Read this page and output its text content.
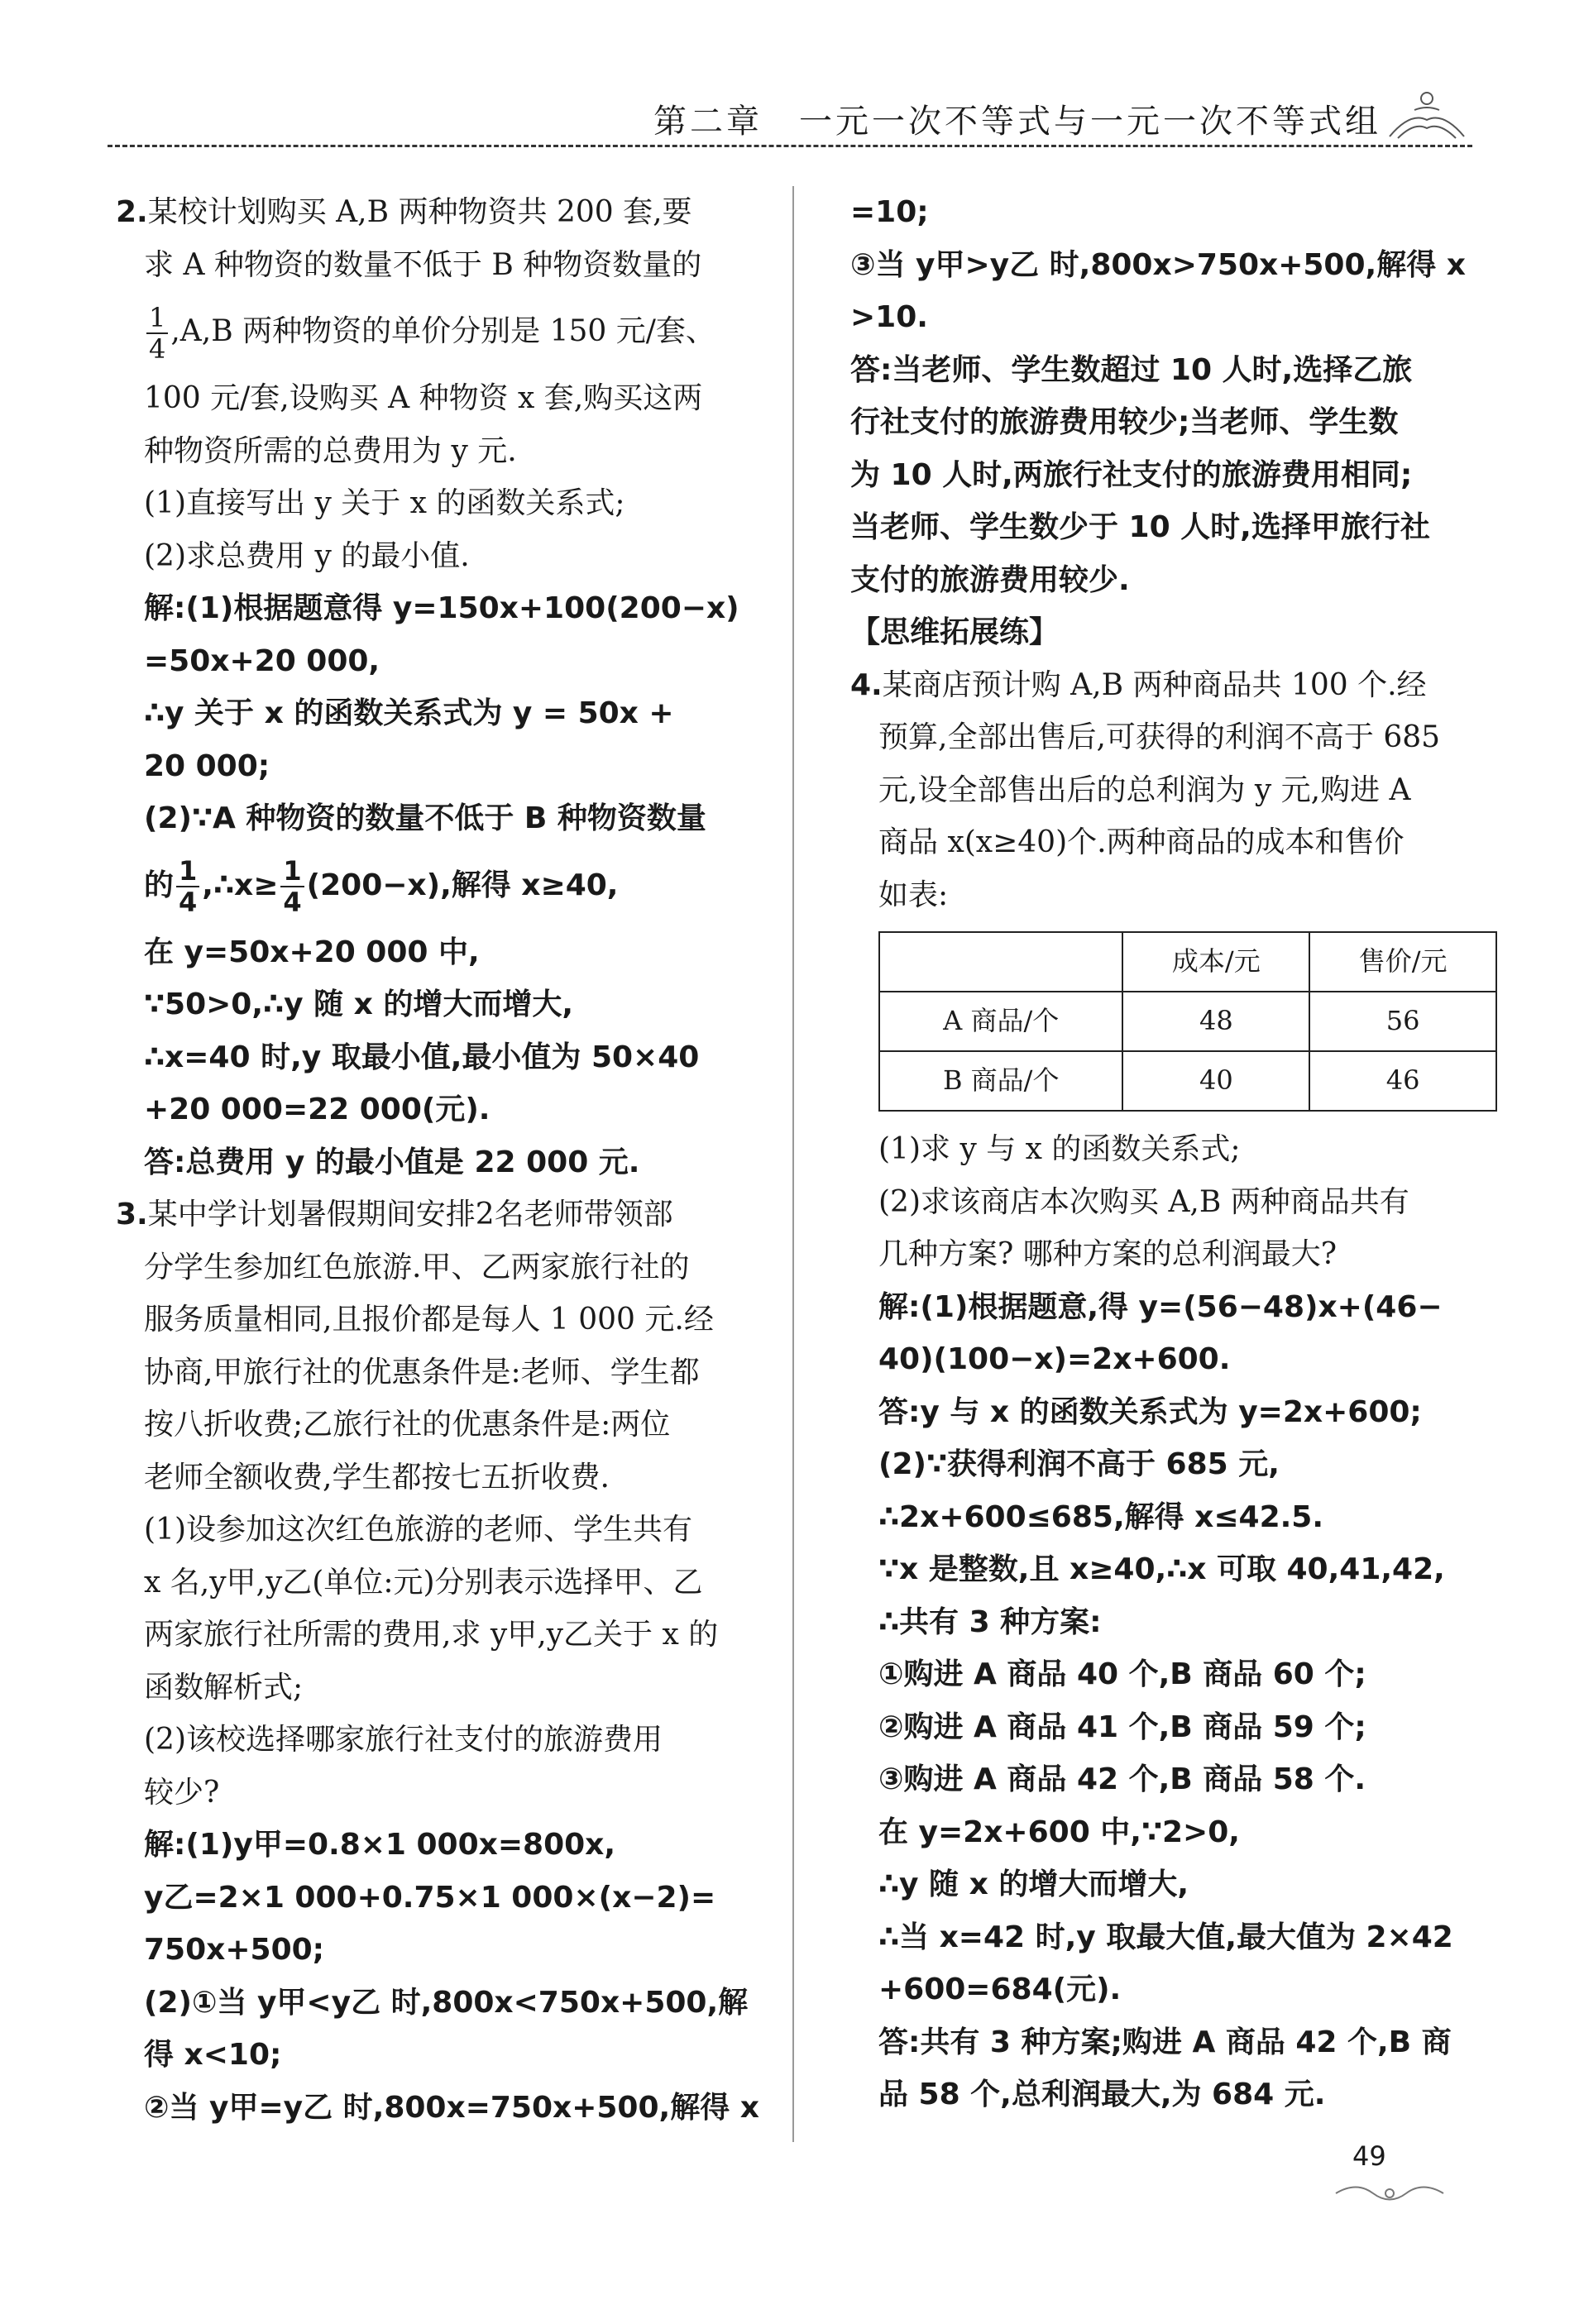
第二章　一元一次不等式与一元一次不等式组
2.某校计划购买 A,B 两种物资共 200 套,要
求 A 种物资的数量不低于 B 种物资数量的
$\frac{1}{4} ,A,B$ 两种物资的单价分别是 150 元/套、
100 元/套,设购买 A 种物资 x 套,购买这两
种物资所需的总费用为 y 元.
(1)直接写出 y 关于 x 的函数关系式;
(2)求总费用 y 的最小值.
解:(1)根据题意得 y=150x+100(200−x)
=50x+20 000,
∴y 关于 x 的函数关系式为 y = 50x +
20 000;
(2)∵A 种物资的数量不低于 B 种物资数量
的 $\frac{1}{4}$ ,∴x≥ $\frac{1}{4} (200-x)$,解得 x≥40,
在 y=50x+20 000 中,
∵50>0,∴y 随 x 的增大而增大,
∴x=40 时,y 取最小值,最小值为 50×40
+20 000=22 000(元).
答:总费用 y 的最小值是 22 000 元.
3.某中学计划暑假期间安排2名老师带领部
分学生参加红色旅游.甲、乙两家旅行社的
服务质量相同,且报价都是每人 1 000 元.经
协商,甲旅行社的优惠条件是:老师、学生都
按八折收费;乙旅行社的优惠条件是:两位
老师全额收费,学生都按七五折收费.
(1)设参加这次红色旅游的老师、学生共有
x 名,y甲,y乙(单位:元)分别表示选择甲、乙
两家旅行社所需的费用,求 y甲,y乙关于 x 的
函数解析式;
(2)该校选择哪家旅行社支付的旅游费用
较少?
解:(1)y甲=0.8×1 000x=800x,
y乙=2×1 000+0.75×1 000×(x−2)=
750x+500;
(2)①当 y甲<y乙 时,800x<750x+500,解
得 x<10;
②当 y甲=y乙 时,800x=750x+500,解得 x
=10;
③当 y甲>y乙 时,800x>750x+500,解得 x
>10.
答:当老师、学生数超过 10 人时,选择乙旅
行社支付的旅游费用较少;当老师、学生数
为 10 人时,两旅行社支付的旅游费用相同;
当老师、学生数少于 10 人时,选择甲旅行社
支付的旅游费用较少.
【思维拓展练】
4.某商店预计购 A,B 两种商品共 100 个.经
预算,全部出售后,可获得的利润不高于 685
元,设全部售出后的总利润为 y 元,购进 A
商品 x(x≥40)个.两种商品的成本和售价
如表:
	成本/元	售价/元
A 商品/个	48	56
B 商品/个	40	46
(1)求 y 与 x 的函数关系式;
(2)求该商店本次购买 A,B 两种商品共有
几种方案? 哪种方案的总利润最大?
解:(1)根据题意,得 y=(56−48)x+(46−
40)(100−x)=2x+600.
答:y 与 x 的函数关系式为 y=2x+600;
(2)∵获得利润不高于 685 元,
∴2x+600≤685,解得 x≤42.5.
∵x 是整数,且 x≥40,∴x 可取 40,41,42,
∴共有 3 种方案:
①购进 A 商品 40 个,B 商品 60 个;
②购进 A 商品 41 个,B 商品 59 个;
③购进 A 商品 42 个,B 商品 58 个.
在 y=2x+600 中,∵2>0,
∴y 随 x 的增大而增大,
∴当 x=42 时,y 取最大值,最大值为 2×42
+600=684(元).
答:共有 3 种方案;购进 A 商品 42 个,B 商
品 58 个,总利润最大,为 684 元.
49
